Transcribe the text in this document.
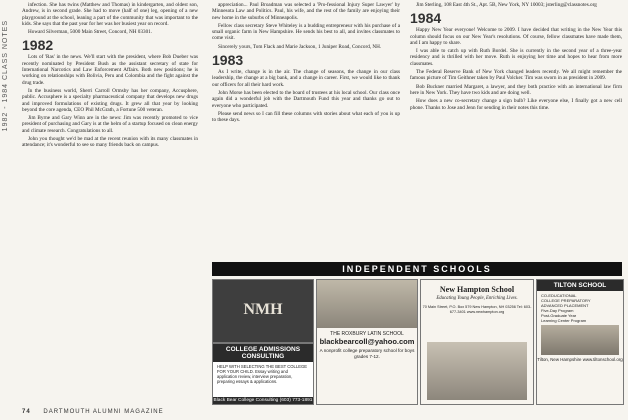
1982 - 1984 CLASS NOTES

infection. She has twins (Matthew and Thomas) in kindergarten, and oldest son, Andrew, is in second grade. She had to move (half of one) leg, opening of a new playground at the school, leaning a part of the community that was important to the kids. She says that the past year for her was her busiest year on record.

Howard Silverman, 5000 Main Street, Concord, NH 03301.

1982

Lots of 'Ras' in the news. We'll start with the president, where Bob Dueber was recently nominated by President Bush as the assistant secretary of state for International Narcotics and Law Enforcement Affairs. Both new positions; he is working on relationships with Bolivia, Peru and Colombia and the fight against the drug trade.

In the business world, Sherri Carroll Ormsby has her company, Accusphere, public. Accusphere is a specialty pharmaceutical company that develops new drugs and improved formulations of existing drugs. It grew all that year by looking beyond the core agenda, CEO Phil McGrath, a Fortune 500 veteran.

Jim Byrne and Gary Winn are in the news: Jim was recently promoted to vice president of purchasing and Gary is at the helm of a startup focused on clean energy and climate research. Congratulations to all.

John you thought we'd be mad at the recent reunion with its many classmates in attendance; it's wonderful to see so many friends back on campus.

appreciation... Paul Broadman was selected a 'Pro-fessional Injury Super Lawyer' by Minnesota Law and Politics. Paul, his wife, and the rest of the family are enjoying their new home in the suburbs of Minneapolis.

Fellow class secretary Steve Whiteley is a budding entrepreneur with his purchase of a small organic farm in New Hampshire. He sends his best to all, and invites classmates to come visit.

Sincerely yours, Tom Flack and Marie Jackson, 1 Juniper Road, Concord, NH.

1983

As I write, change is in the air. The change of seasons, the change in our class leadership, the change at a big bank, and a change in career. First, we would like to thank our officers for all their hard work.

John Morse has been elected to the board of trustees at his local school. Our class once again did a wonderful job with the Dartmouth Fund this year and thanks go out to everyone who participated.

Please send news so I can fill these columns with stories about what each of you is up to these days.

Jim Sterling, 108 East 4th St., Apt. 5B, New York, NY 10003; jsterling@classnotes.org

1984

Happy New Year everyone! Welcome to 2009. I have decided that writing in the New Year this column should focus on our New Year's resolutions. Of course, fellow classmates have made them, and I am happy to share.

I was able to catch up with Ruth Bordel. She is currently in the second year of a three-year residency and is thrilled with her move. Ruth is enjoying her time and hopes to hear from more classmates.

The Federal Reserve Bank of New York changed leaders recently. We all might remember the famous picture of Tim Geithner taken by Paul Volcker. Tim was sworn in as president in 2009.

Bob Buckner married Margaret, a lawyer, and they both practice with an international law firm here in New York. They have two kids and are doing well.

How does a new co-secretary change a sign bulb? Like everyone else, I finally got a new cell phone. Thanks to Jose and Jenn for sending in their notes this time.

INDEPENDENT SCHOOLS
NMH
COLLEGE ADMISSIONS CONSULTING
HELP WITH SELECTING THE BEST COLLEGE FOR YOUR CHILD. Essay writing and application review, interview preparation, preparing essays & applications.
Black Bear College Consulting (603) 773-1891
THE ROXBURY LATIN SCHOOL
blackbearcoll@yahoo.com
A nonprofit college preparatory school for boys grades 7-12.
New Hampton School
Educating Young People, Enriching Lives.
70 Main Street, P.O. Box 579 New Hampton, NH 03256 Tel: 603-677-3401 www.newhampton.org
TILTON SCHOOL
CO-EDUCATIONAL
COLLEGE PREPARATORY
ADVANCED PLACEMENT
Five-Day Program
Post-Graduate Year
Learning Center Program
Tilton, New Hampshire www.tiltonschool.org
74 DARTMOUTH ALUMNI MAGAZINE
